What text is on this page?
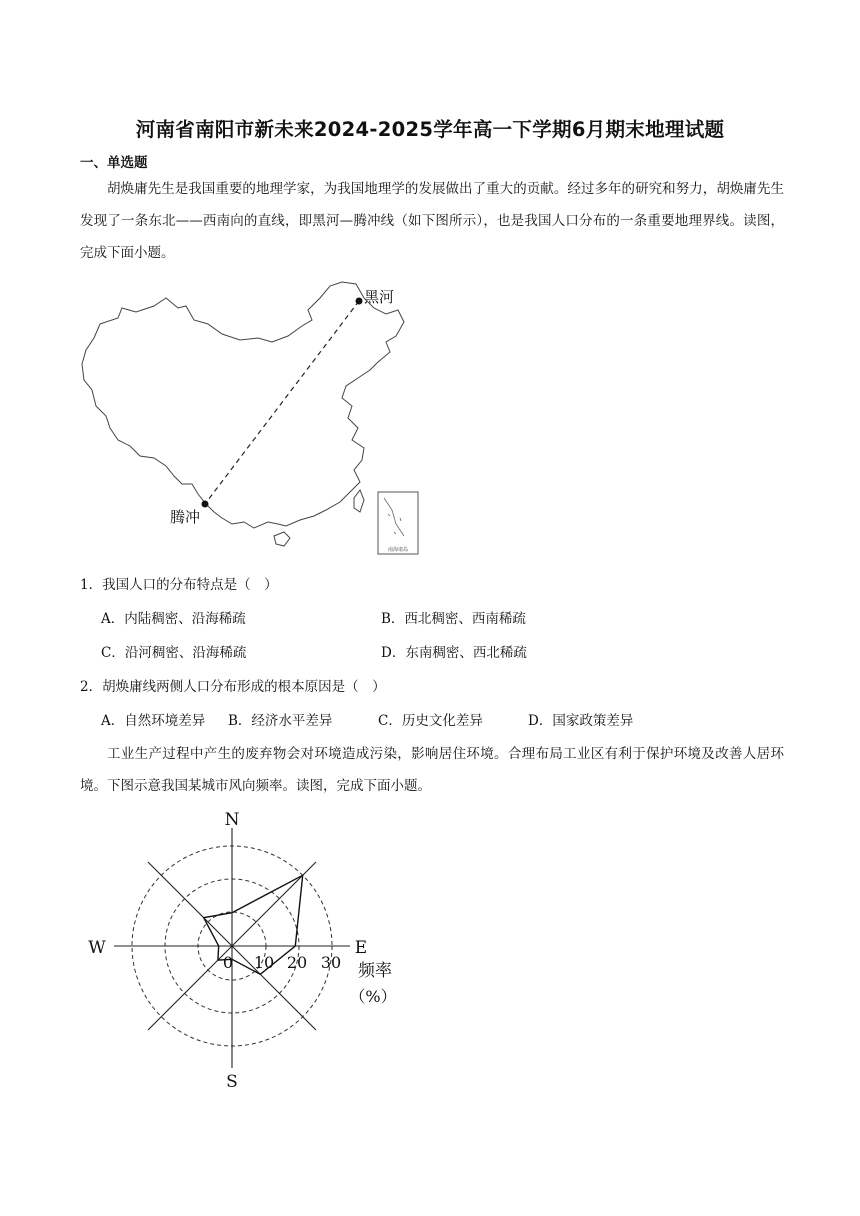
河南省南阳市新未来2024-2025学年高一下学期6月期末地理试题
一、单选题
胡焕庸先生是我国重要的地理学家，为我国地理学的发展做出了重大的贡献。经过多年的研究和努力，胡焕庸先生发现了一条东北——西南向的直线，即黑河—腾冲线（如下图所示），也是我国人口分布的一条重要地理界线。读图，完成下面小题。
南海诸岛
黑河
腾冲
1．我国人口的分布特点是（　）
A．内陆稠密、沿海稀疏	B．西北稠密、西南稀疏
C．沿河稠密、沿海稀疏	D．东南稠密、西北稀疏
2．胡焕庸线两侧人口分布形成的根本原因是（　）
A．自然环境差异 B．经济水平差异	C．历史文化差异	D．国家政策差异
工业生产过程中产生的废弃物会对环境造成污染，影响居住环境。合理布局工业区有利于保护环境及改善人居环境。下图示意我国某城市风向频率。读图，完成下面小题。
N
S
W	E
0 10 20 30 频率
（%）
